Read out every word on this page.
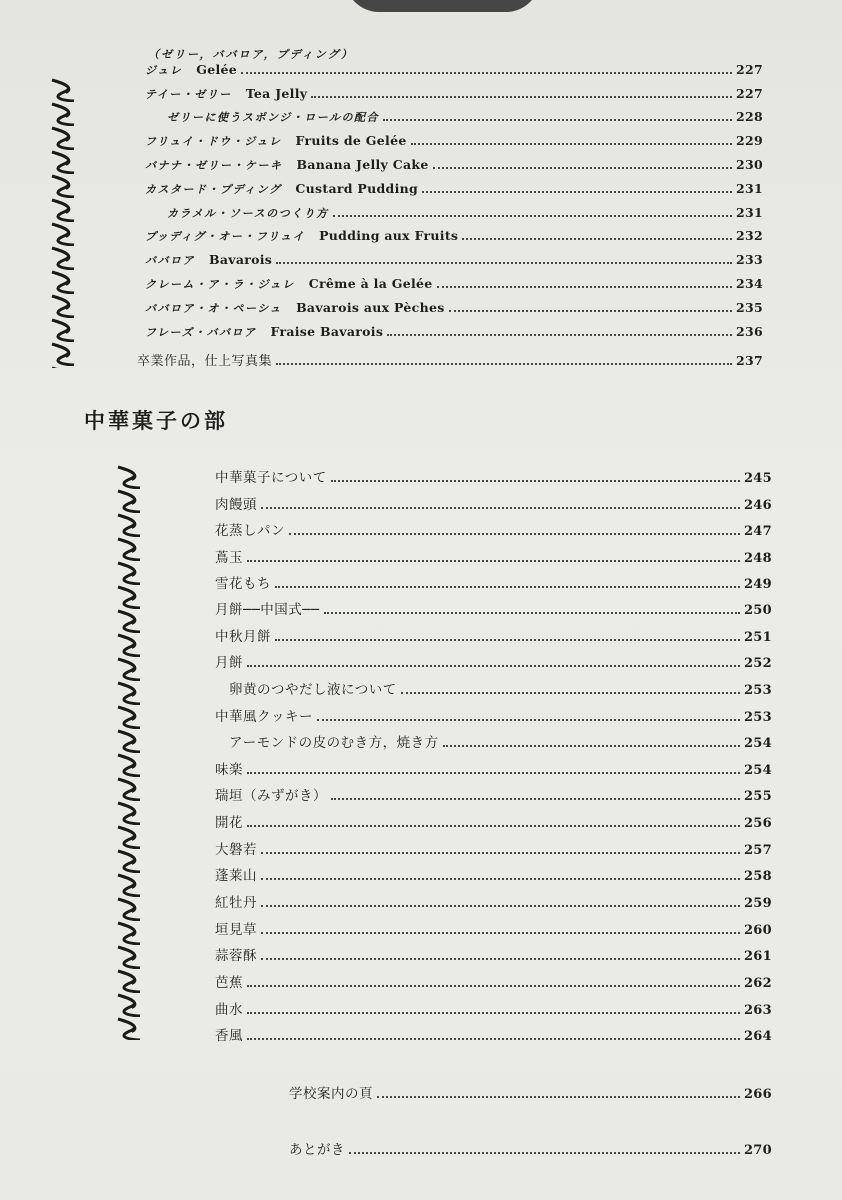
（ゼリー，ババロア，プディング）
ジュレ Gelée	227
テイー・ゼリー Tea Jelly	227
ゼリーに使うスポンジ・ロールの配合	228
フリュイ・ドウ・ジュレ Fruits de Gelée	229
バナナ・ゼリー・ケーキ Banana Jelly Cake	230
カスタード・プディング Custard Pudding	231
カラメル・ソースのつくり方	231
プッディグ・オー・フリュイ Pudding aux Fruits	232
ババロア Bavarois	233
クレーム・ア・ラ・ジュレ Crême à la Gelée	234
ババロア・オ・ペーシュ Bavarois aux Pèches	235
フレーズ・ババロア Fraise Bavarois	236
卒業作品，仕上写真集	237
中華菓子の部
中華菓子について	245
肉饅頭	246
花蒸しパン	247
蔦玉	248
雪花もち	249
月餅──中国式──	250
中秋月餅	251
月餅	252
卵黄のつやだし液について	253
中華風クッキー	253
アーモンドの皮のむき方，焼き方	254
味楽	254
瑞垣（みずがき）	255
開花	256
大磐若	257
蓬莱山	258
紅牡丹	259
垣見草	260
蒜蓉酥	261
芭蕉	262
曲水	263
香風	264
学校案内の頁	266
あとがき	270
